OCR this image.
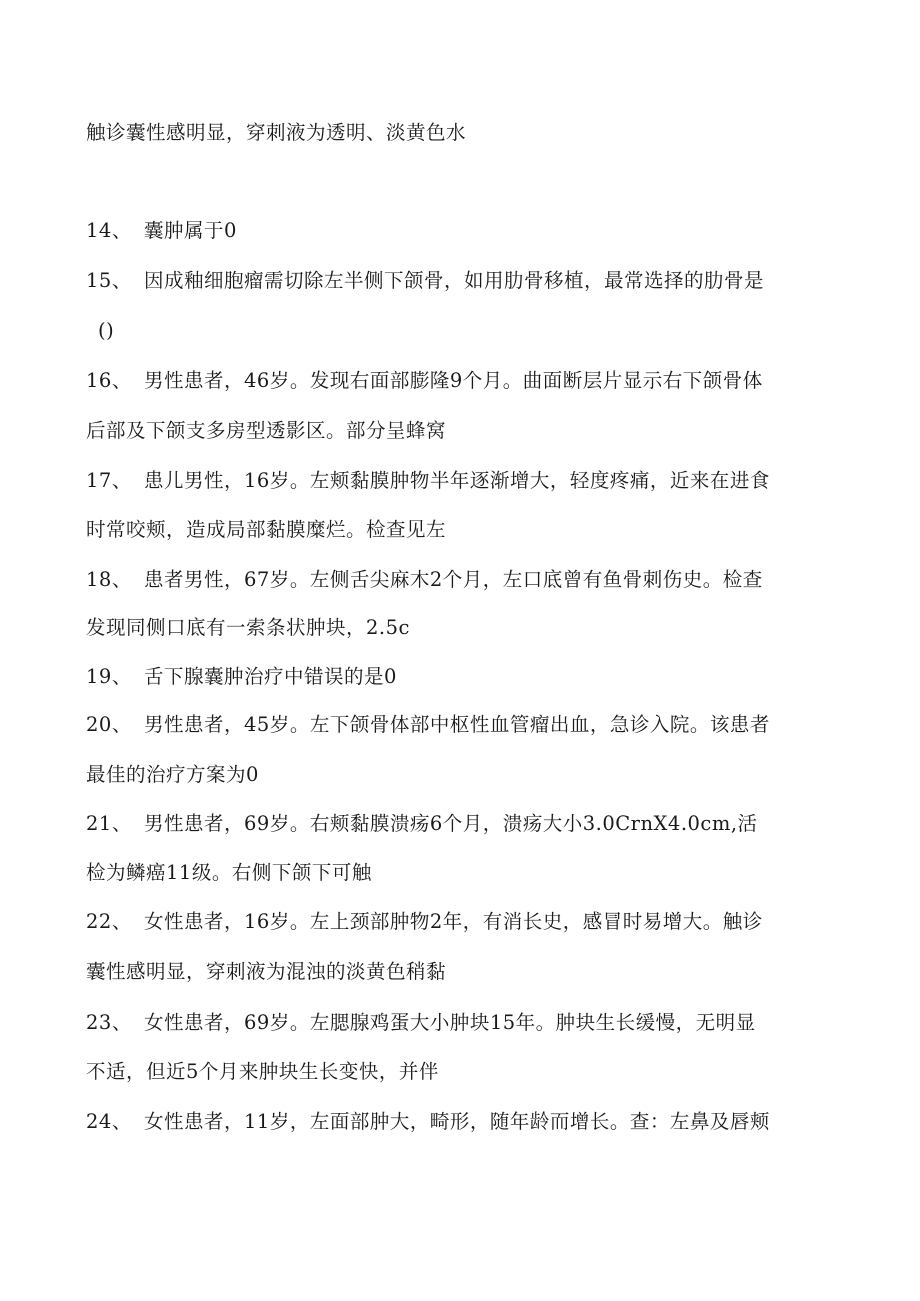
触诊囊性感明显，穿刺液为透明、淡黄色水
14、 囊肿属于0
15、 因成釉细胞瘤需切除左半侧下颌骨，如用肋骨移植，最常选择的肋骨是
()
16、 男性患者，46岁。发现右面部膨隆9个月。曲面断层片显示右下颌骨体
后部及下颌支多房型透影区。部分呈蜂窝
17、 患儿男性，16岁。左颊黏膜肿物半年逐渐增大，轻度疼痛，近来在进食
时常咬颊，造成局部黏膜糜烂。检查见左
18、 患者男性，67岁。左侧舌尖麻木2个月，左口底曾有鱼骨刺伤史。检查
发现同侧口底有一索条状肿块，2.5c
19、 舌下腺囊肿治疗中错误的是0
20、 男性患者，45岁。左下颌骨体部中枢性血管瘤出血，急诊入院。该患者
最佳的治疗方案为0
21、 男性患者，69岁。右颊黏膜溃疡6个月，溃疡大小3.0CrnX4.0cm,活
检为鳞癌11级。右侧下颌下可触
22、 女性患者，16岁。左上颈部肿物2年，有消长史，感冒时易增大。触诊
囊性感明显，穿刺液为混浊的淡黄色稍黏
23、 女性患者，69岁。左腮腺鸡蛋大小肿块15年。肿块生长缓慢，无明显
不适，但近5个月来肿块生长变快，并伴
24、 女性患者，11岁，左面部肿大，畸形，随年龄而增长。查：左鼻及唇颊
